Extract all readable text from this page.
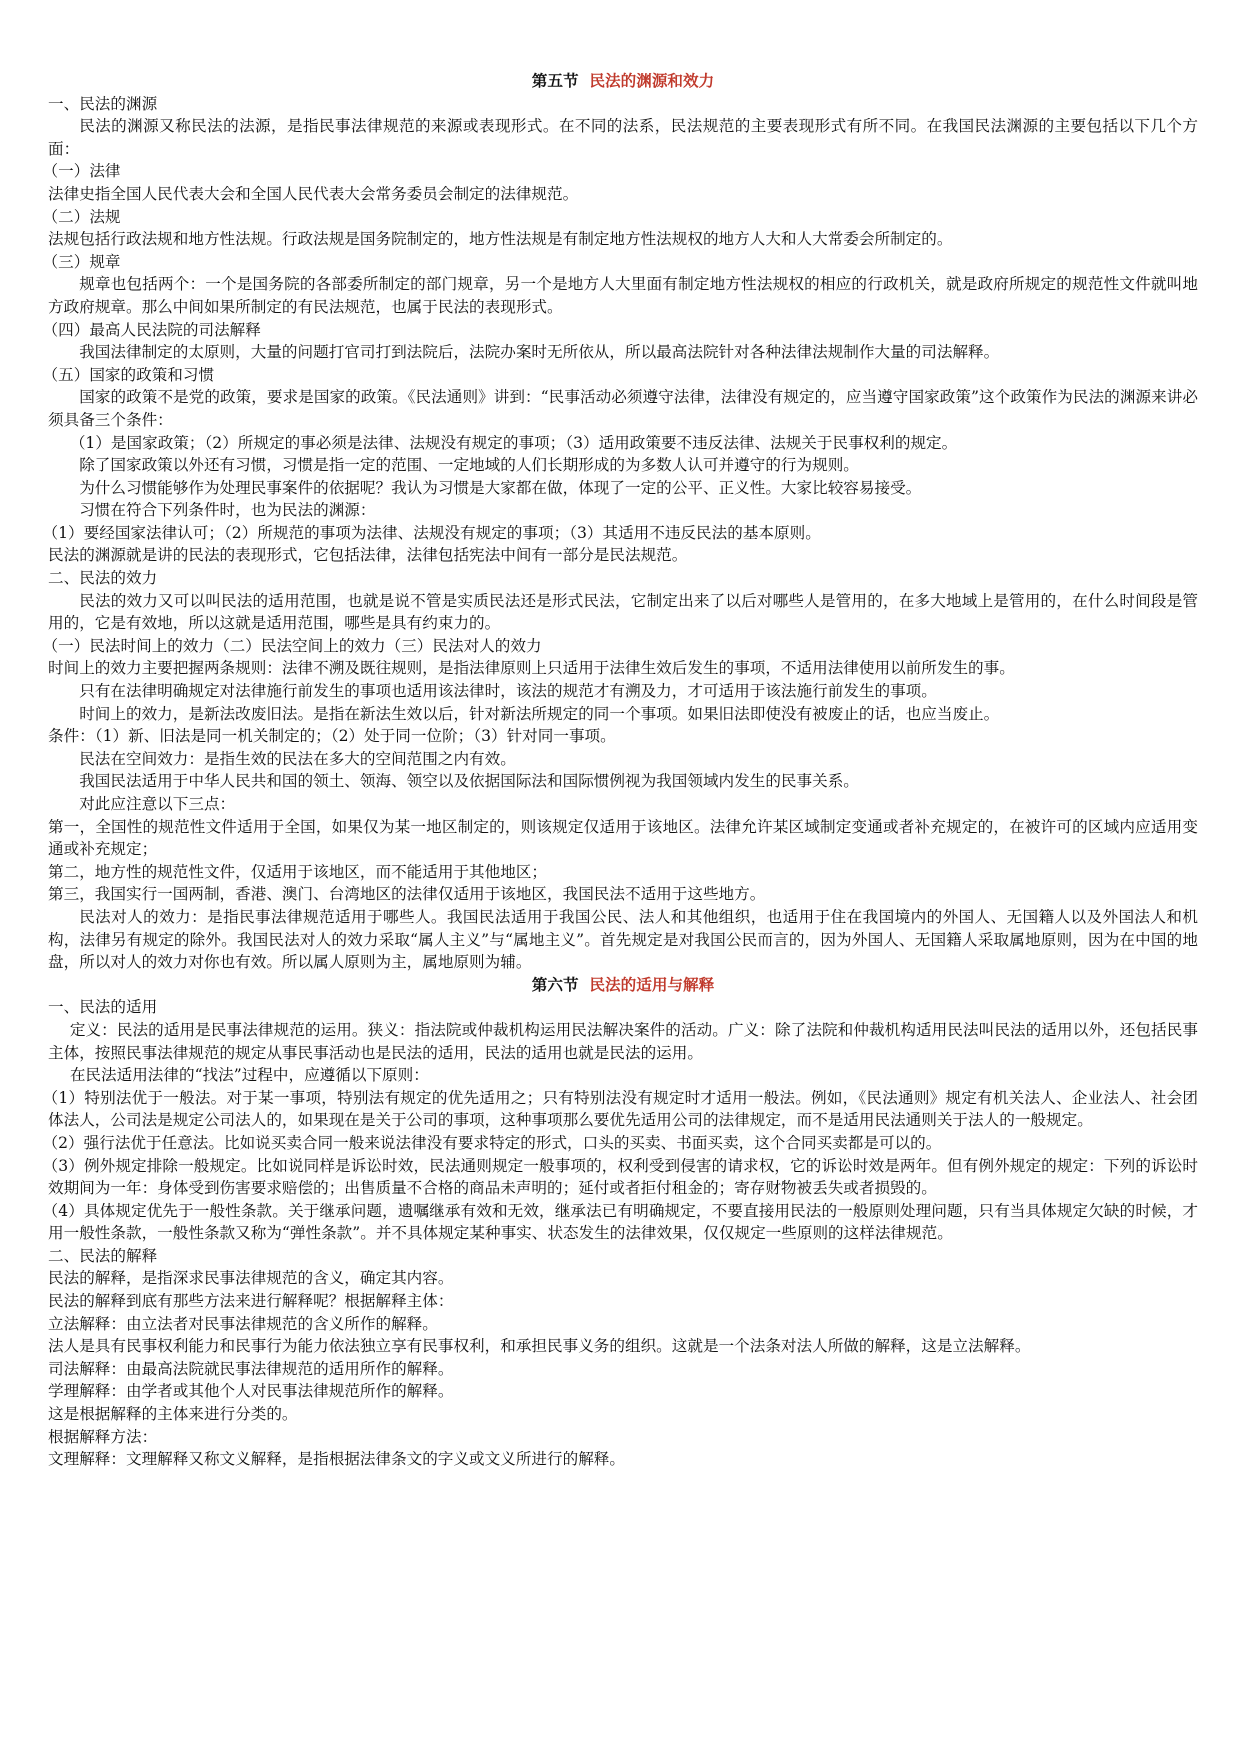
第五节 民法的渊源和效力

一、民法的渊源

民法的渊源又称民法的法源，是指民事法律规范的来源或表现形式。在不同的法系，民法规范的主要表现形式有所不同。在我国民法渊源的主要包括以下几个方面：

（一）法律

法律史指全国人民代表大会和全国人民代表大会常务委员会制定的法律规范。

（二）法规

法规包括行政法规和地方性法规。行政法规是国务院制定的，地方性法规是有制定地方性法规权的地方人大和人大常委会所制定的。

（三）规章

规章也包括两个：一个是国务院的各部委所制定的部门规章，另一个是地方人大里面有制定地方性法规权的相应的行政机关，就是政府所规定的规范性文件就叫地方政府规章。那么中间如果所制定的有民法规范，也属于民法的表现形式。

（四）最高人民法院的司法解释

我国法律制定的太原则，大量的问题打官司打到法院后，法院办案时无所依从，所以最高法院针对各种法律法规制作大量的司法解释。

（五）国家的政策和习惯

国家的政策不是党的政策，要求是国家的政策。《民法通则》讲到：“民事活动必须遵守法律，法律没有规定的，应当遵守国家政策”这个政策作为民法的渊源来讲必须具备三个条件：

（1）是国家政策；（2）所规定的事必须是法律、法规没有规定的事项；（3）适用政策要不违反法律、法规关于民事权利的规定。

除了国家政策以外还有习惯，习惯是指一定的范围、一定地域的人们长期形成的为多数人认可并遵守的行为规则。

为什么习惯能够作为处理民事案件的依据呢？我认为习惯是大家都在做，体现了一定的公平、正义性。大家比较容易接受。

习惯在符合下列条件时，也为民法的渊源：

（1）要经国家法律认可；（2）所规范的事项为法律、法规没有规定的事项；（3）其适用不违反民法的基本原则。

民法的渊源就是讲的民法的表现形式，它包括法律，法律包括宪法中间有一部分是民法规范。

二、民法的效力

民法的效力又可以叫民法的适用范围，也就是说不管是实质民法还是形式民法，它制定出来了以后对哪些人是管用的，在多大地域上是管用的，在什么时间段是管用的，它是有效地，所以这就是适用范围，哪些是具有约束力的。

（一）民法时间上的效力（二）民法空间上的效力（三）民法对人的效力

时间上的效力主要把握两条规则：法律不溯及既往规则，是指法律原则上只适用于法律生效后发生的事项，不适用法律使用以前所发生的事。

只有在法律明确规定对法律施行前发生的事项也适用该法律时，该法的规范才有溯及力，才可适用于该法施行前发生的事项。

时间上的效力，是新法改废旧法。是指在新法生效以后，针对新法所规定的同一个事项。如果旧法即使没有被废止的话，也应当废止。

条件：（1）新、旧法是同一机关制定的；（2）处于同一位阶；（3）针对同一事项。

民法在空间效力：是指生效的民法在多大的空间范围之内有效。

我国民法适用于中华人民共和国的领土、领海、领空以及依据国际法和国际惯例视为我国领域内发生的民事关系。

对此应注意以下三点：

第一，全国性的规范性文件适用于全国，如果仅为某一地区制定的，则该规定仅适用于该地区。法律允许某区域制定变通或者补充规定的，在被许可的区域内应适用变通或补充规定；

第二，地方性的规范性文件，仅适用于该地区，而不能适用于其他地区；

第三，我国实行一国两制，香港、澳门、台湾地区的法律仅适用于该地区，我国民法不适用于这些地方。

民法对人的效力：是指民事法律规范适用于哪些人。我国民法适用于我国公民、法人和其他组织，也适用于住在我国境内的外国人、无国籍人以及外国法人和机构，法律另有规定的除外。我国民法对人的效力采取“属人主义”与“属地主义”。首先规定是对我国公民而言的，因为外国人、无国籍人采取属地原则，因为在中国的地盘，所以对人的效力对你也有效。所以属人原则为主，属地原则为辅。

第六节 民法的适用与解释

一、民法的适用

定义：民法的适用是民事法律规范的运用。狭义：指法院或仲裁机构运用民法解决案件的活动。广义：除了法院和仲裁机构适用民法叫民法的适用以外，还包括民事主体，按照民事法律规范的规定从事民事活动也是民法的适用，民法的适用也就是民法的运用。

在民法适用法律的“找法”过程中，应遵循以下原则：

（1）特别法优于一般法。对于某一事项，特别法有规定的优先适用之；只有特别法没有规定时才适用一般法。例如，《民法通则》规定有机关法人、企业法人、社会团体法人，公司法是规定公司法人的，如果现在是关于公司的事项，这种事项那么要优先适用公司的法律规定，而不是适用民法通则关于法人的一般规定。

（2）强行法优于任意法。比如说买卖合同一般来说法律没有要求特定的形式，口头的买卖、书面买卖，这个合同买卖都是可以的。

（3）例外规定排除一般规定。比如说同样是诉讼时效，民法通则规定一般事项的，权利受到侵害的请求权，它的诉讼时效是两年。但有例外规定的规定：下列的诉讼时效期间为一年：身体受到伤害要求赔偿的；出售质量不合格的商品未声明的；延付或者拒付租金的；寄存财物被丢失或者损毁的。

（4）具体规定优先于一般性条款。关于继承问题，遗嘱继承有效和无效，继承法已有明确规定，不要直接用民法的一般原则处理问题，只有当具体规定欠缺的时候，才用一般性条款，一般性条款又称为“弹性条款”。并不具体规定某种事实、状态发生的法律效果，仅仅规定一些原则的这样法律规范。

二、民法的解释

民法的解释，是指深求民事法律规范的含义，确定其内容。

民法的解释到底有那些方法来进行解释呢？根据解释主体：

立法解释：由立法者对民事法律规范的含义所作的解释。

法人是具有民事权利能力和民事行为能力依法独立享有民事权利，和承担民事义务的组织。这就是一个法条对法人所做的解释，这是立法解释。

司法解释：由最高法院就民事法律规范的适用所作的解释。

学理解释：由学者或其他个人对民事法律规范所作的解释。

这是根据解释的主体来进行分类的。

根据解释方法：

文理解释：文理解释又称文义解释，是指根据法律条文的字义或文义所进行的解释。
